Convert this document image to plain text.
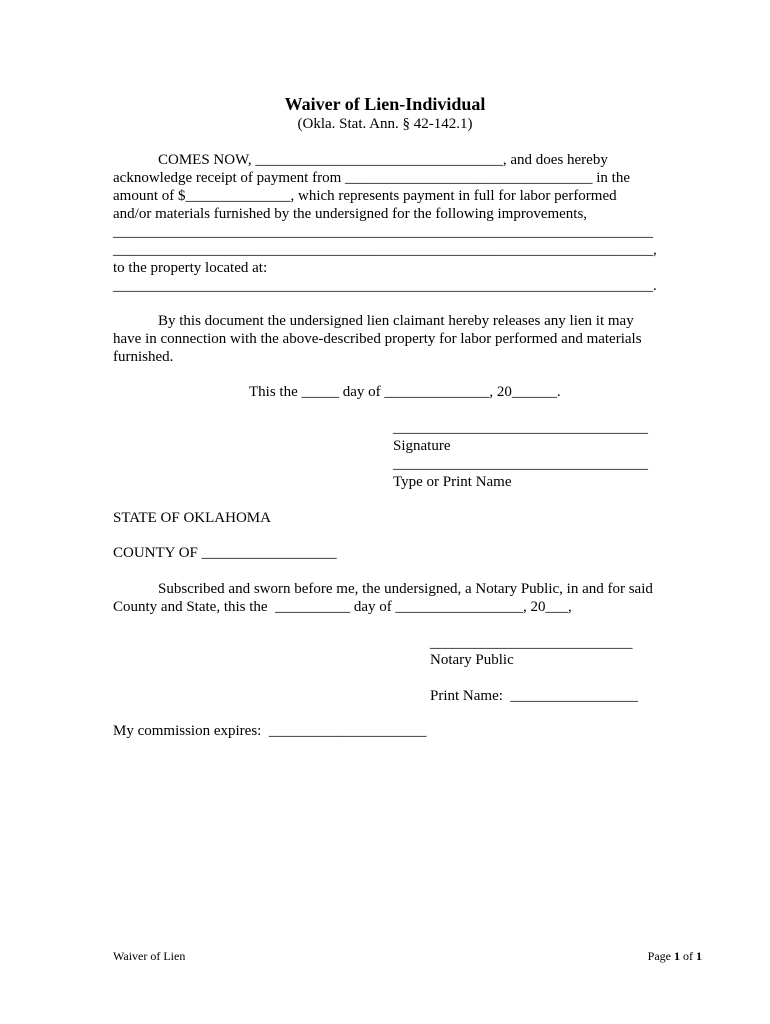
Waiver of Lien-Individual
(Okla. Stat. Ann. § 42-142.1)
COMES NOW, _________________________________, and does hereby
acknowledge receipt of payment from _________________________________ in the
amount of $______________, which represents payment in full for labor performed
and/or materials furnished by the undersigned for the following improvements,
________________________________________________________________________
________________________________________________________________________,
to the property located at:
________________________________________________________________________.
By this document the undersigned lien claimant hereby releases any lien it may
have in connection with the above-described property for labor performed and materials
furnished.
This the _____ day of ______________, 20______.
__________________________________
Signature
__________________________________
Type or Print Name
STATE OF OKLAHOMA
COUNTY OF __________________
Subscribed and sworn before me, the undersigned, a Notary Public, in and for said
County and State, this the  __________ day of _________________, 20___,
___________________________
Notary Public
Print Name:  _________________
My commission expires:  _____________________
Waiver of Lien	Page 1 of 1
